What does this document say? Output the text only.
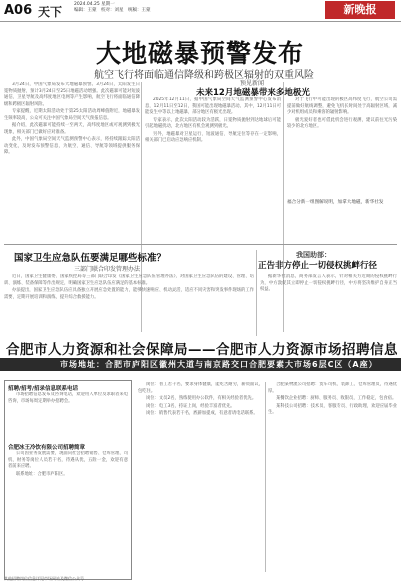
A06 天下
2024.04.25 星期一
编辑：王蒙　校对：刘星　统稿：王蒙	新晚报
大地磁暴预警发布
航空飞行将面临通信降级和跨极区辐射的双重风险

3月24日，中国气象局发布大地磁暴预警。3月24日，太阳发生日冕物质抛射，预计3月24日至25日地磁活动增强。此次磁暴可能对短波通信、卫星导航及高纬度地区电网等产生影响，航空飞行将面临通信降级和跨极区辐射风险。

专家提醒，近期太阳活动处于第25太阳活动周峰值附近，地磁暴发生频率较高，公众可关注中国气象局空间天气预报信息。

据介绍，此次磁暴可能持续一至两天，高纬度地区或可观测到极光现象，相关部门已做好应对准备。

此外，中国气象局空间天气监测预警中心表示，将持续跟踪太阳活动变化，及时发布预警信息，为航空、通信、导航等领域提供服务保障。

2025年12月11日，据中国气象局空间天气监测预警中心发布消息，12月11日至12日，我国可能出现地磁暴活动。其中，12月11日可能发生中等以上地磁暴，部分地区有极光出现。

专家表示，此次太阳活动较为活跃，日冕物质抛射到达地球后可能引起地磁扰动，北方地区有机会观测到极光。

另外，地磁暴对卫星运行、短波通信、导航定位等存在一定影响，相关部门已启动应急响应机制。

预见新闻
未来12月地磁暴带来多地极光

对于飞行中可能出现的极区高纬度飞行，航空公司需提前做好航线调整，避免飞机长时间处于高辐射区域，减少对机组成员和乘客的辐射影响。

极光爱好者也可借此机会进行观测，建议前往光污染较少的北方地区。

福合分新一组图解说明，加拿大地磁，新华社发
国家卫生应急队伍要满足哪些标准？
三部门联合印发管理办法

近日，国家卫生健康委、国家疾控局等三部门联合印发《国家卫生应急队伍管理办法》，对国家卫生应急队伍的建设、管理、培训、演练、装备保障等作出规定，明确国家卫生应急队伍应满足的基本标准。

办法提出，国家卫生应急队伍应具备独立开展应急处置的能力，能够快速响应、机动灵活，适应不同灾害和突发事件现场的工作需要，定期开展培训和演练，提升综合救援能力。

我国助部：
正告非方停止一切侵权挑衅行径

据新华社消息，商务部发言人表示，针对相关方近期的侵权挑衅行为，中方敦促其立即停止一切侵权挑衅行径，中方将坚决维护自身正当权益。

合肥市人力资源和社会保障局——合肥市人力资源市场招聘信息
市场地址：合肥市庐阳区徽州大道与南京路交口合肥要素大市场6层C区（A座）
招聘/招考/招录信息联系电话

市场招聘信息发布及咨询电话，欢迎用人单位及求职者来电咨询，市场每周定期举办招聘会。

合肥冰王冷饮有限公司招聘简章

公司因业务发展需要，现面向社会招聘销售、仓库管理、司机、财务等岗位人员若干名，待遇从优，五险一金，欢迎有意者前来应聘。

联系地址：合肥市庐阳区。

岗位：普工若干名，要求身体健康，能吃苦耐劳，薪资面议，包吃住。

岗位：文员2名，熟练使用办公软件，有相关经验者优先。

岗位：电工3名，持证上岗，经验丰富者优先。

岗位：销售代表若干名，底薪加提成，有意者请电话联系。

合肥某物流公司招聘：货车司机、装卸工、仓库管理员，待遇优厚。

某餐饮企业招聘：厨师、服务员、收银员，工作稳定，包食宿。

某科技公司招聘：技术员、客服专员、行政助理，欢迎应届毕业生。

其他招聘岗位信息详见市场网站及微信公众号
